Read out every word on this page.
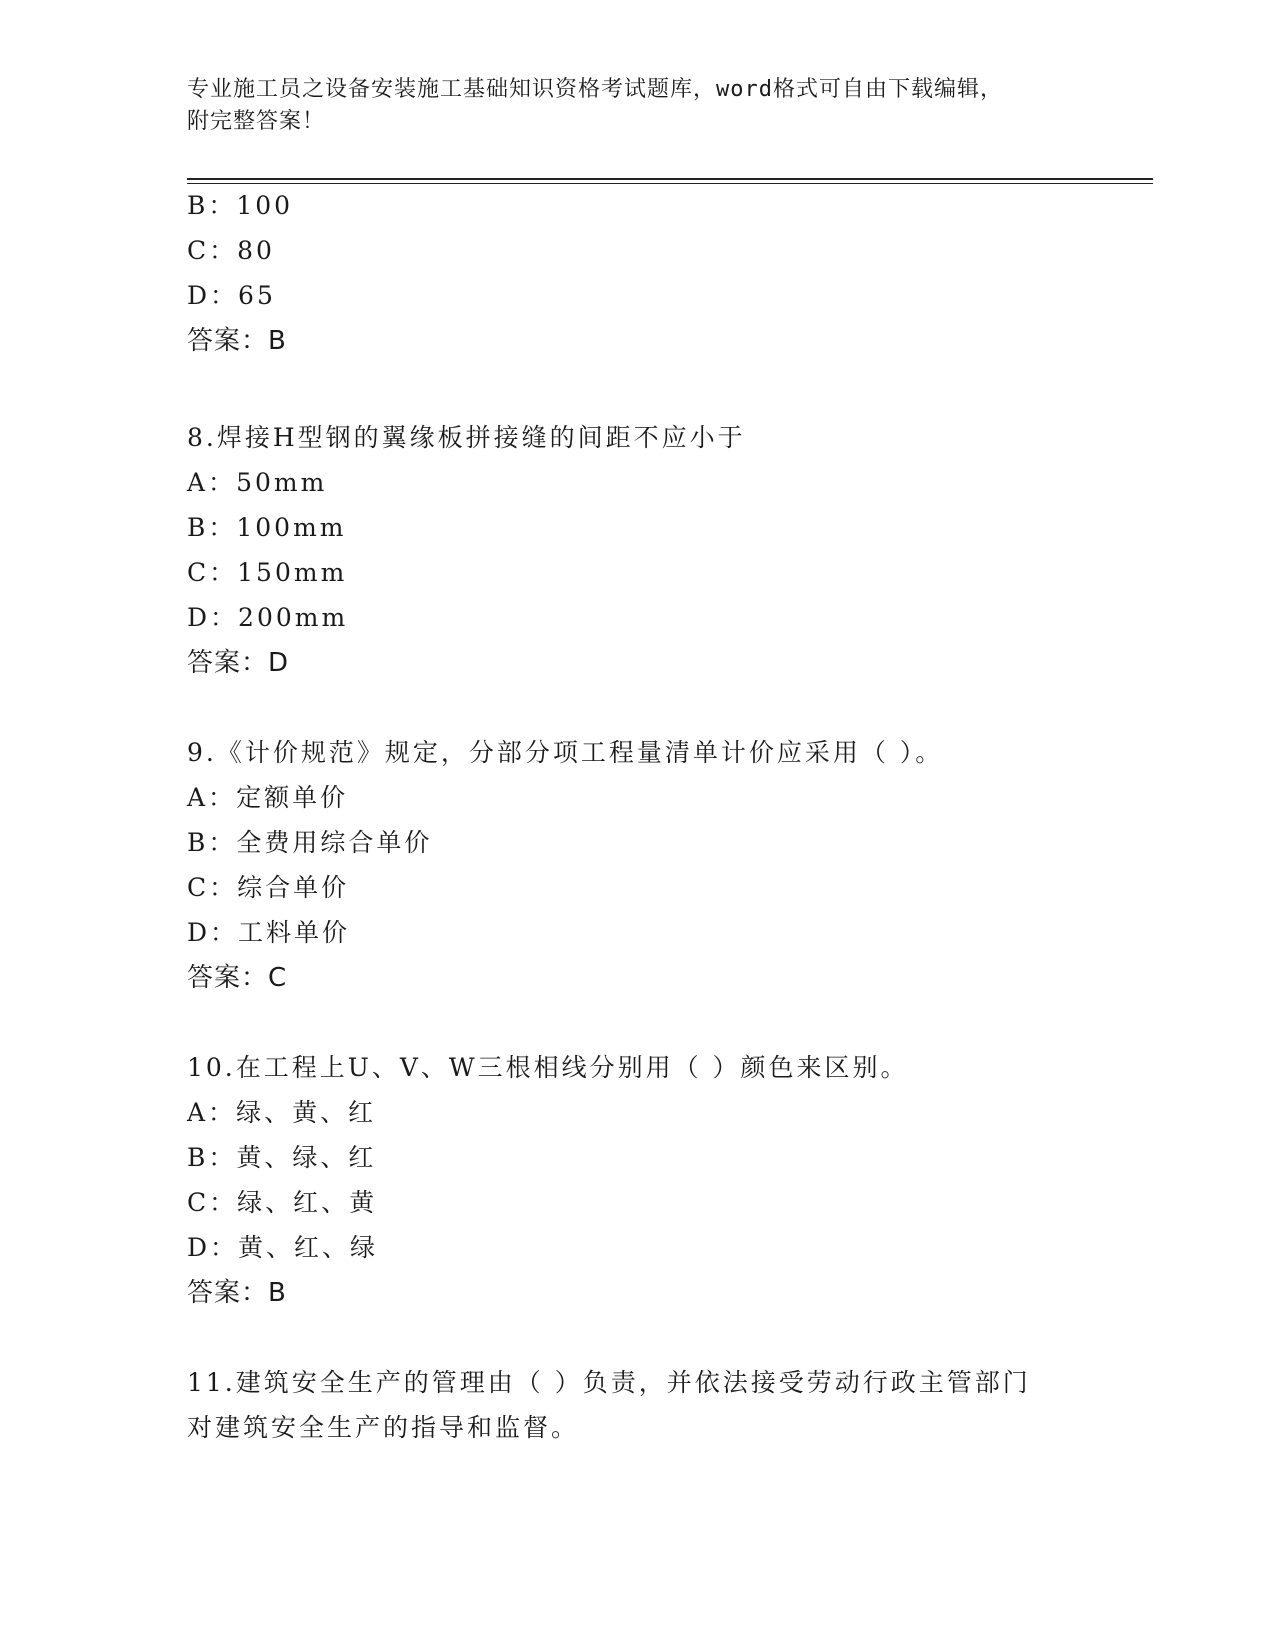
专业施工员之设备安装施工基础知识资格考试题库，word格式可自由下载编辑，
附完整答案！
B：100
C：80
D：65
答案：B
8.焊接H型钢的翼缘板拼接缝的间距不应小于
A：50mm
B：100mm
C：150mm
D：200mm
答案：D
9.《计价规范》规定，分部分项工程量清单计价应采用（ ）。
A：定额单价
B：全费用综合单价
C：综合单价
D：工料单价
答案：C
10.在工程上U、V、W三根相线分别用（ ）颜色来区别。
A：绿、黄、红
B：黄、绿、红
C：绿、红、黄
D：黄、红、绿
答案：B
11.建筑安全生产的管理由（ ）负责，并依法接受劳动行政主管部门
对建筑安全生产的指导和监督。
